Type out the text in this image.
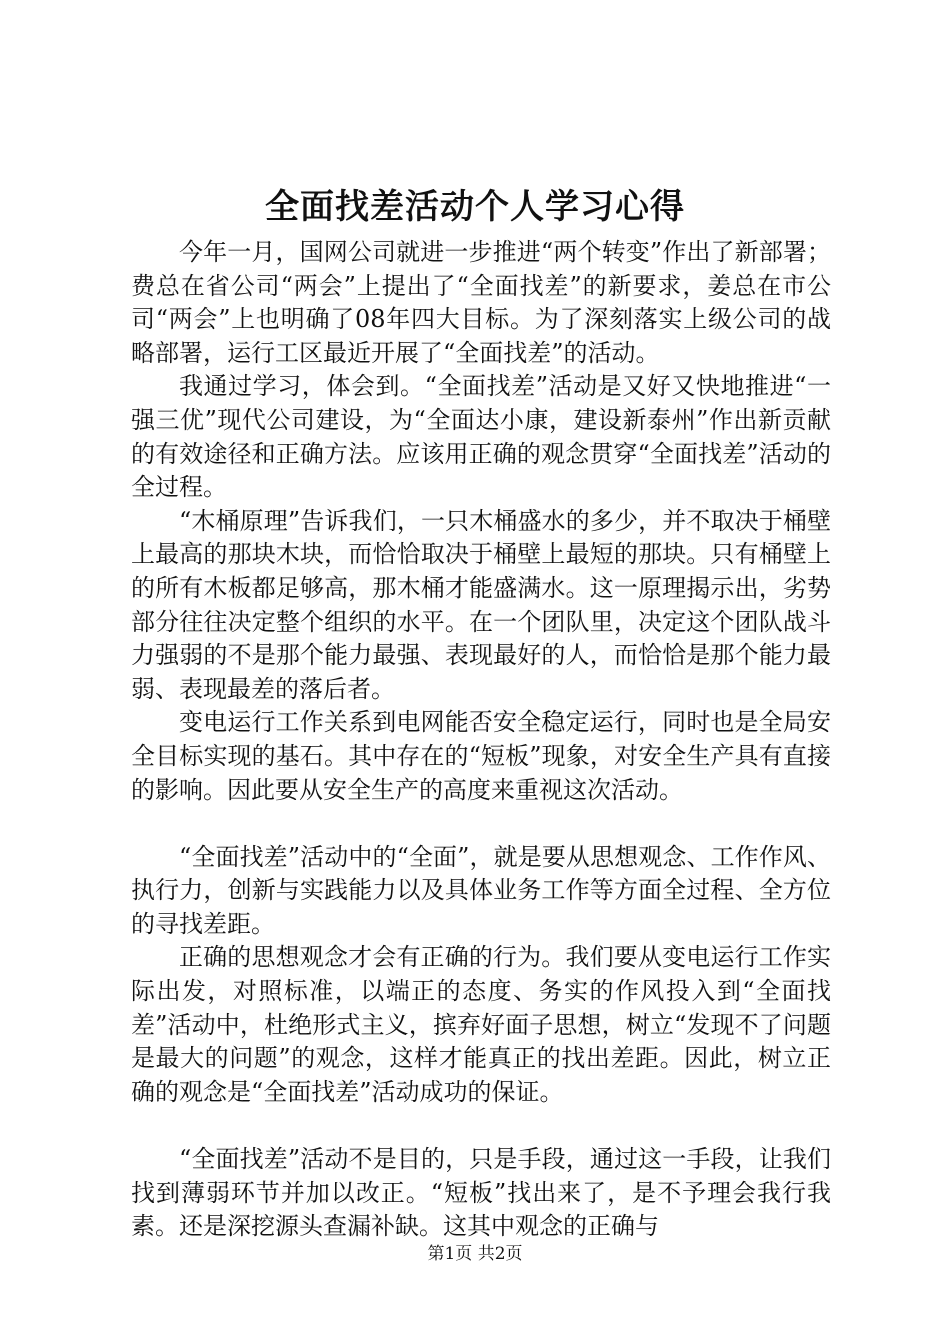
全面找差活动个人学习心得

今年一月，国网公司就进一步推进“两个转变”作出了新部署；费总在省公司“两会”上提出了“全面找差”的新要求，姜总在市公司“两会”上也明确了08年四大目标。为了深刻落实上级公司的战略部署，运行工区最近开展了“全面找差”的活动。

我通过学习，体会到。“全面找差”活动是又好又快地推进“一强三优”现代公司建设，为“全面达小康，建设新泰州”作出新贡献的有效途径和正确方法。应该用正确的观念贯穿“全面找差”活动的全过程。

“木桶原理”告诉我们，一只木桶盛水的多少，并不取决于桶壁上最高的那块木块，而恰恰取决于桶壁上最短的那块。只有桶壁上的所有木板都足够高，那木桶才能盛满水。这一原理揭示出，劣势部分往往决定整个组织的水平。在一个团队里，决定这个团队战斗力强弱的不是那个能力最强、表现最好的人，而恰恰是那个能力最弱、表现最差的落后者。

变电运行工作关系到电网能否安全稳定运行，同时也是全局安全目标实现的基石。其中存在的“短板”现象，对安全生产具有直接的影响。因此要从安全生产的高度来重视这次活动。

“全面找差”活动中的“全面”，就是要从思想观念、工作作风、执行力，创新与实践能力以及具体业务工作等方面全过程、全方位的寻找差距。

正确的思想观念才会有正确的行为。我们要从变电运行工作实际出发，对照标准，以端正的态度、务实的作风投入到“全面找差”活动中，杜绝形式主义，摈弃好面子思想，树立“发现不了问题是最大的问题”的观念，这样才能真正的找出差距。因此，树立正确的观念是“全面找差”活动成功的保证。

“全面找差”活动不是目的，只是手段，通过这一手段，让我们找到薄弱环节并加以改正。“短板”找出来了，是不予理会我行我素。还是深挖源头查漏补缺。这其中观念的正确与

第1页 共2页
